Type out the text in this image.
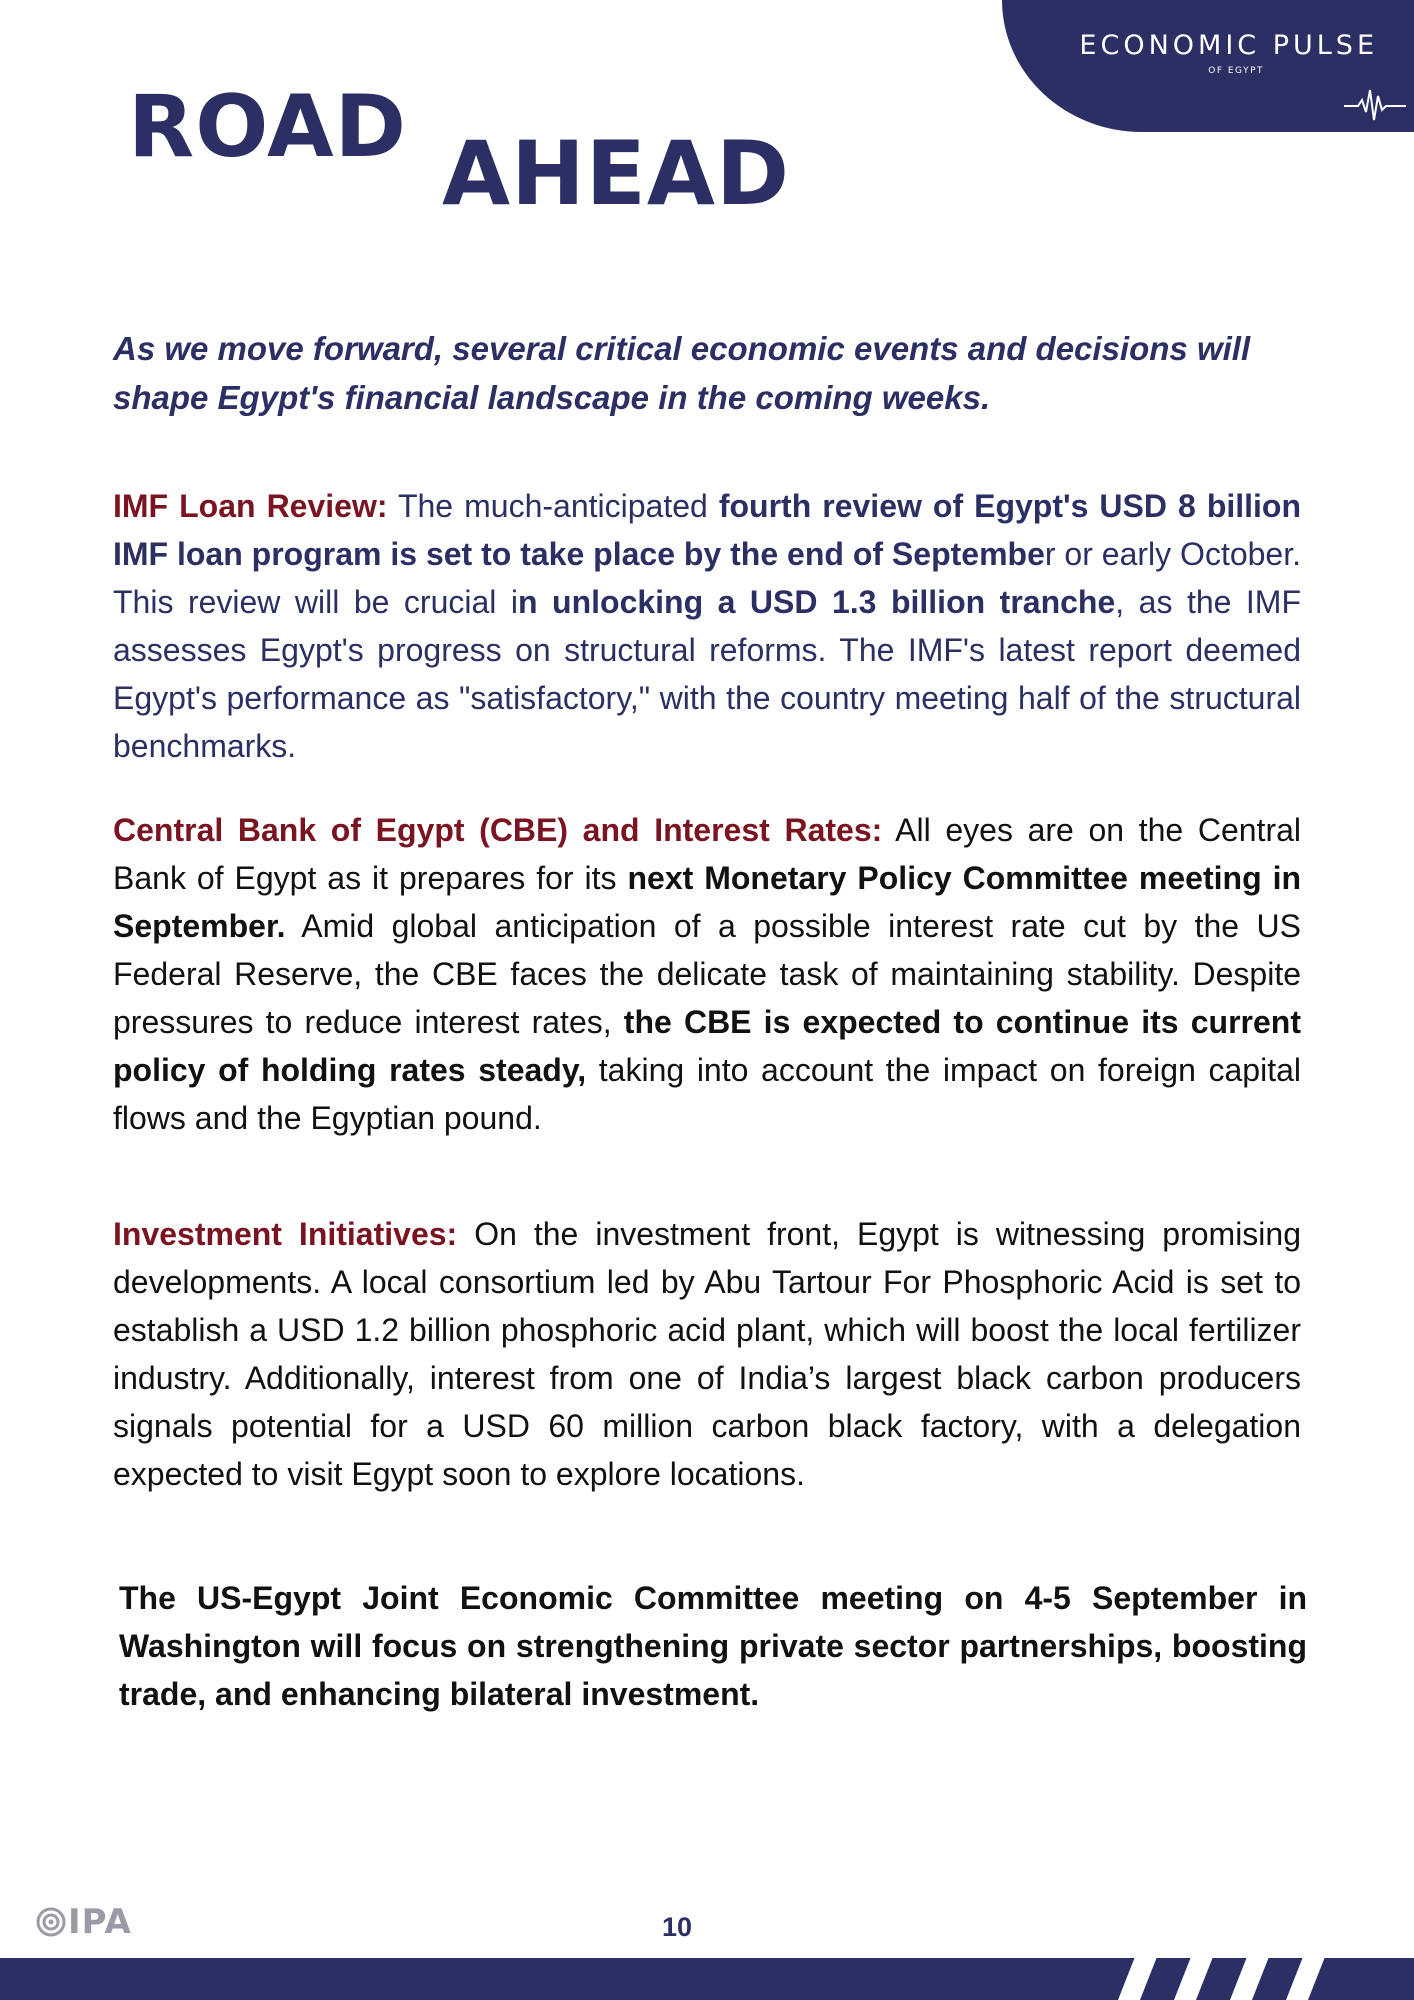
ECONOMIC PULSE
OF EGYPT
ROAD AHEAD

As we move forward, several critical economic events and decisions will shape Egypt's financial landscape in the coming weeks.

IMF Loan Review: The much-anticipated fourth review of Egypt's USD 8 billion IMF loan program is set to take place by the end of September or early October. This review will be crucial in unlocking a USD 1.3 billion tranche, as the IMF assesses Egypt's progress on structural reforms. The IMF's latest report deemed Egypt's performance as "satisfactory," with the country meeting half of the structural benchmarks.

Central Bank of Egypt (CBE) and Interest Rates: All eyes are on the Central Bank of Egypt as it prepares for its next Monetary Policy Committee meeting in September. Amid global anticipation of a possible interest rate cut by the US Federal Reserve, the CBE faces the delicate task of maintaining stability. Despite pressures to reduce interest rates, the CBE is expected to continue its current policy of holding rates steady, taking into account the impact on foreign capital flows and the Egyptian pound.

Investment Initiatives: On the investment front, Egypt is witnessing promising developments. A local consortium led by Abu Tartour For Phosphoric Acid is set to establish a USD 1.2 billion phosphoric acid plant, which will boost the local fertilizer industry. Additionally, interest from one of India’s largest black carbon producers signals potential for a USD 60 million carbon black factory, with a delegation expected to visit Egypt soon to explore locations.

The US-Egypt Joint Economic Committee meeting on 4-5 September in Washington will focus on strengthening private sector partnerships, boosting trade, and enhancing bilateral investment.

IPA	10
